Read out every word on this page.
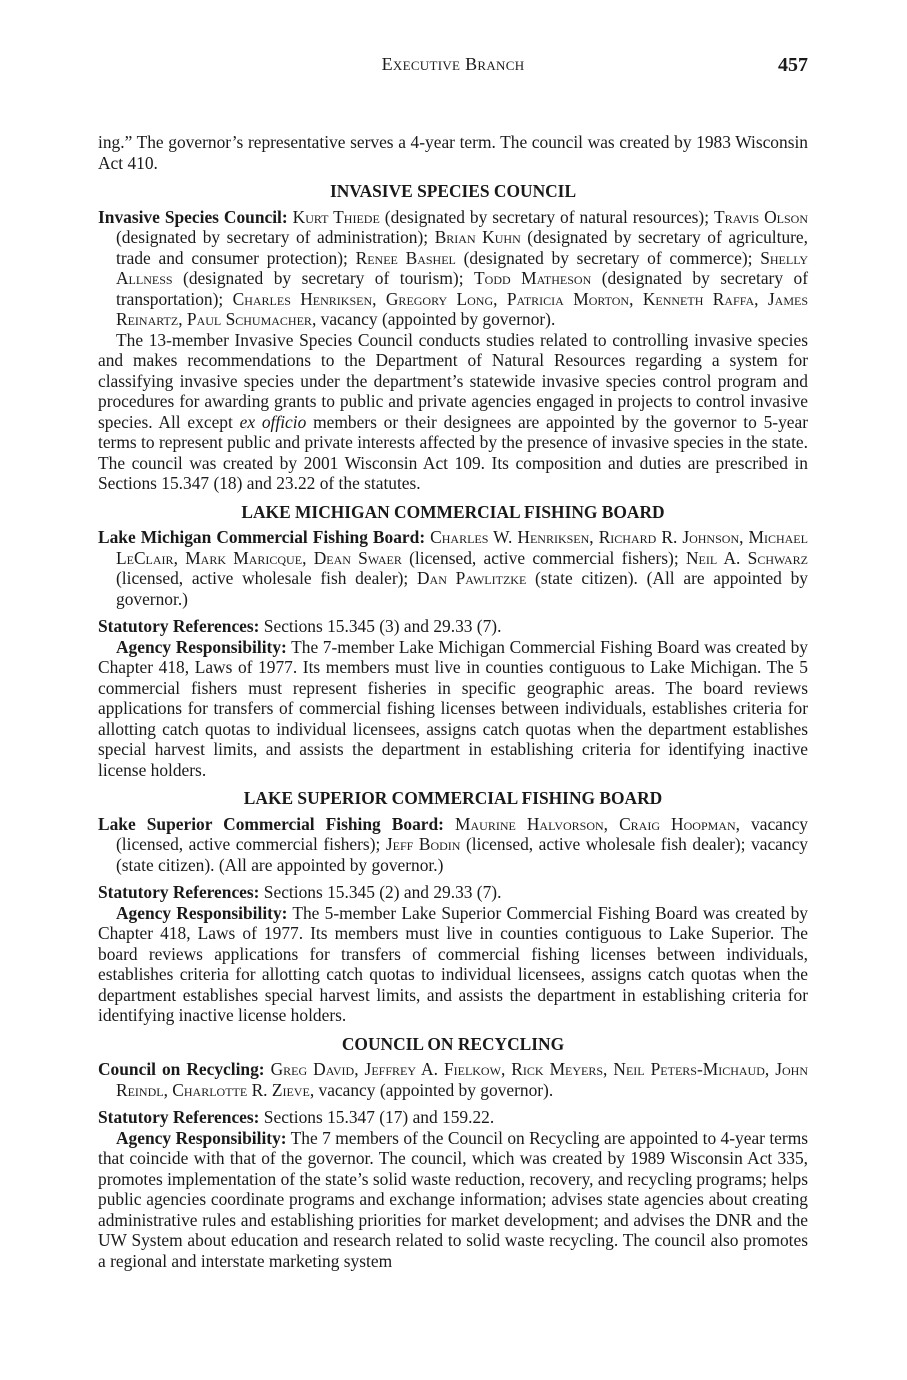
Executive Branch	457

ing.” The governor’s representative serves a 4-year term. The council was created by 1983 Wisconsin Act 410.

INVASIVE SPECIES COUNCIL

Invasive Species Council: Kurt Thiede (designated by secretary of natural resources); Travis Olson (designated by secretary of administration); Brian Kuhn (designated by secretary of agriculture, trade and consumer protection); Renee Bashel (designated by secretary of commerce); Shelly Allness (designated by secretary of tourism); Todd Matheson (designated by secretary of transportation); Charles Henriksen, Gregory Long, Patricia Morton, Kenneth Raffa, James Reinartz, Paul Schumacher, vacancy (appointed by governor).

The 13-member Invasive Species Council conducts studies related to controlling invasive species and makes recommendations to the Department of Natural Resources regarding a system for classifying invasive species under the department’s statewide invasive species control program and procedures for awarding grants to public and private agencies engaged in projects to control invasive species. All except ex officio members or their designees are appointed by the governor to 5-year terms to represent public and private interests affected by the presence of invasive species in the state. The council was created by 2001 Wisconsin Act 109. Its composition and duties are prescribed in Sections 15.347 (18) and 23.22 of the statutes.

LAKE MICHIGAN COMMERCIAL FISHING BOARD

Lake Michigan Commercial Fishing Board: Charles W. Henriksen, Richard R. Johnson, Michael LeClair, Mark Maricque, Dean Swaer (licensed, active commercial fishers); Neil A. Schwarz (licensed, active wholesale fish dealer); Dan Pawlitzke (state citizen). (All are appointed by governor.)

Statutory References: Sections 15.345 (3) and 29.33 (7).

Agency Responsibility: The 7-member Lake Michigan Commercial Fishing Board was created by Chapter 418, Laws of 1977. Its members must live in counties contiguous to Lake Michigan. The 5 commercial fishers must represent fisheries in specific geographic areas. The board reviews applications for transfers of commercial fishing licenses between individuals, establishes criteria for allotting catch quotas to individual licensees, assigns catch quotas when the department establishes special harvest limits, and assists the department in establishing criteria for identifying inactive license holders.

LAKE SUPERIOR COMMERCIAL FISHING BOARD

Lake Superior Commercial Fishing Board: Maurine Halvorson, Craig Hoopman, vacancy (licensed, active commercial fishers); Jeff Bodin (licensed, active wholesale fish dealer); vacancy (state citizen). (All are appointed by governor.)

Statutory References: Sections 15.345 (2) and 29.33 (7).

Agency Responsibility: The 5-member Lake Superior Commercial Fishing Board was created by Chapter 418, Laws of 1977. Its members must live in counties contiguous to Lake Superior. The board reviews applications for transfers of commercial fishing licenses between individuals, establishes criteria for allotting catch quotas to individual licensees, assigns catch quotas when the department establishes special harvest limits, and assists the department in establishing criteria for identifying inactive license holders.

COUNCIL ON RECYCLING

Council on Recycling: Greg David, Jeffrey A. Fielkow, Rick Meyers, Neil Peters-Michaud, John Reindl, Charlotte R. Zieve, vacancy (appointed by governor).

Statutory References: Sections 15.347 (17) and 159.22.

Agency Responsibility: The 7 members of the Council on Recycling are appointed to 4-year terms that coincide with that of the governor. The council, which was created by 1989 Wisconsin Act 335, promotes implementation of the state’s solid waste reduction, recovery, and recycling programs; helps public agencies coordinate programs and exchange information; advises state agencies about creating administrative rules and establishing priorities for market development; and advises the DNR and the UW System about education and research related to solid waste recycling. The council also promotes a regional and interstate marketing system
